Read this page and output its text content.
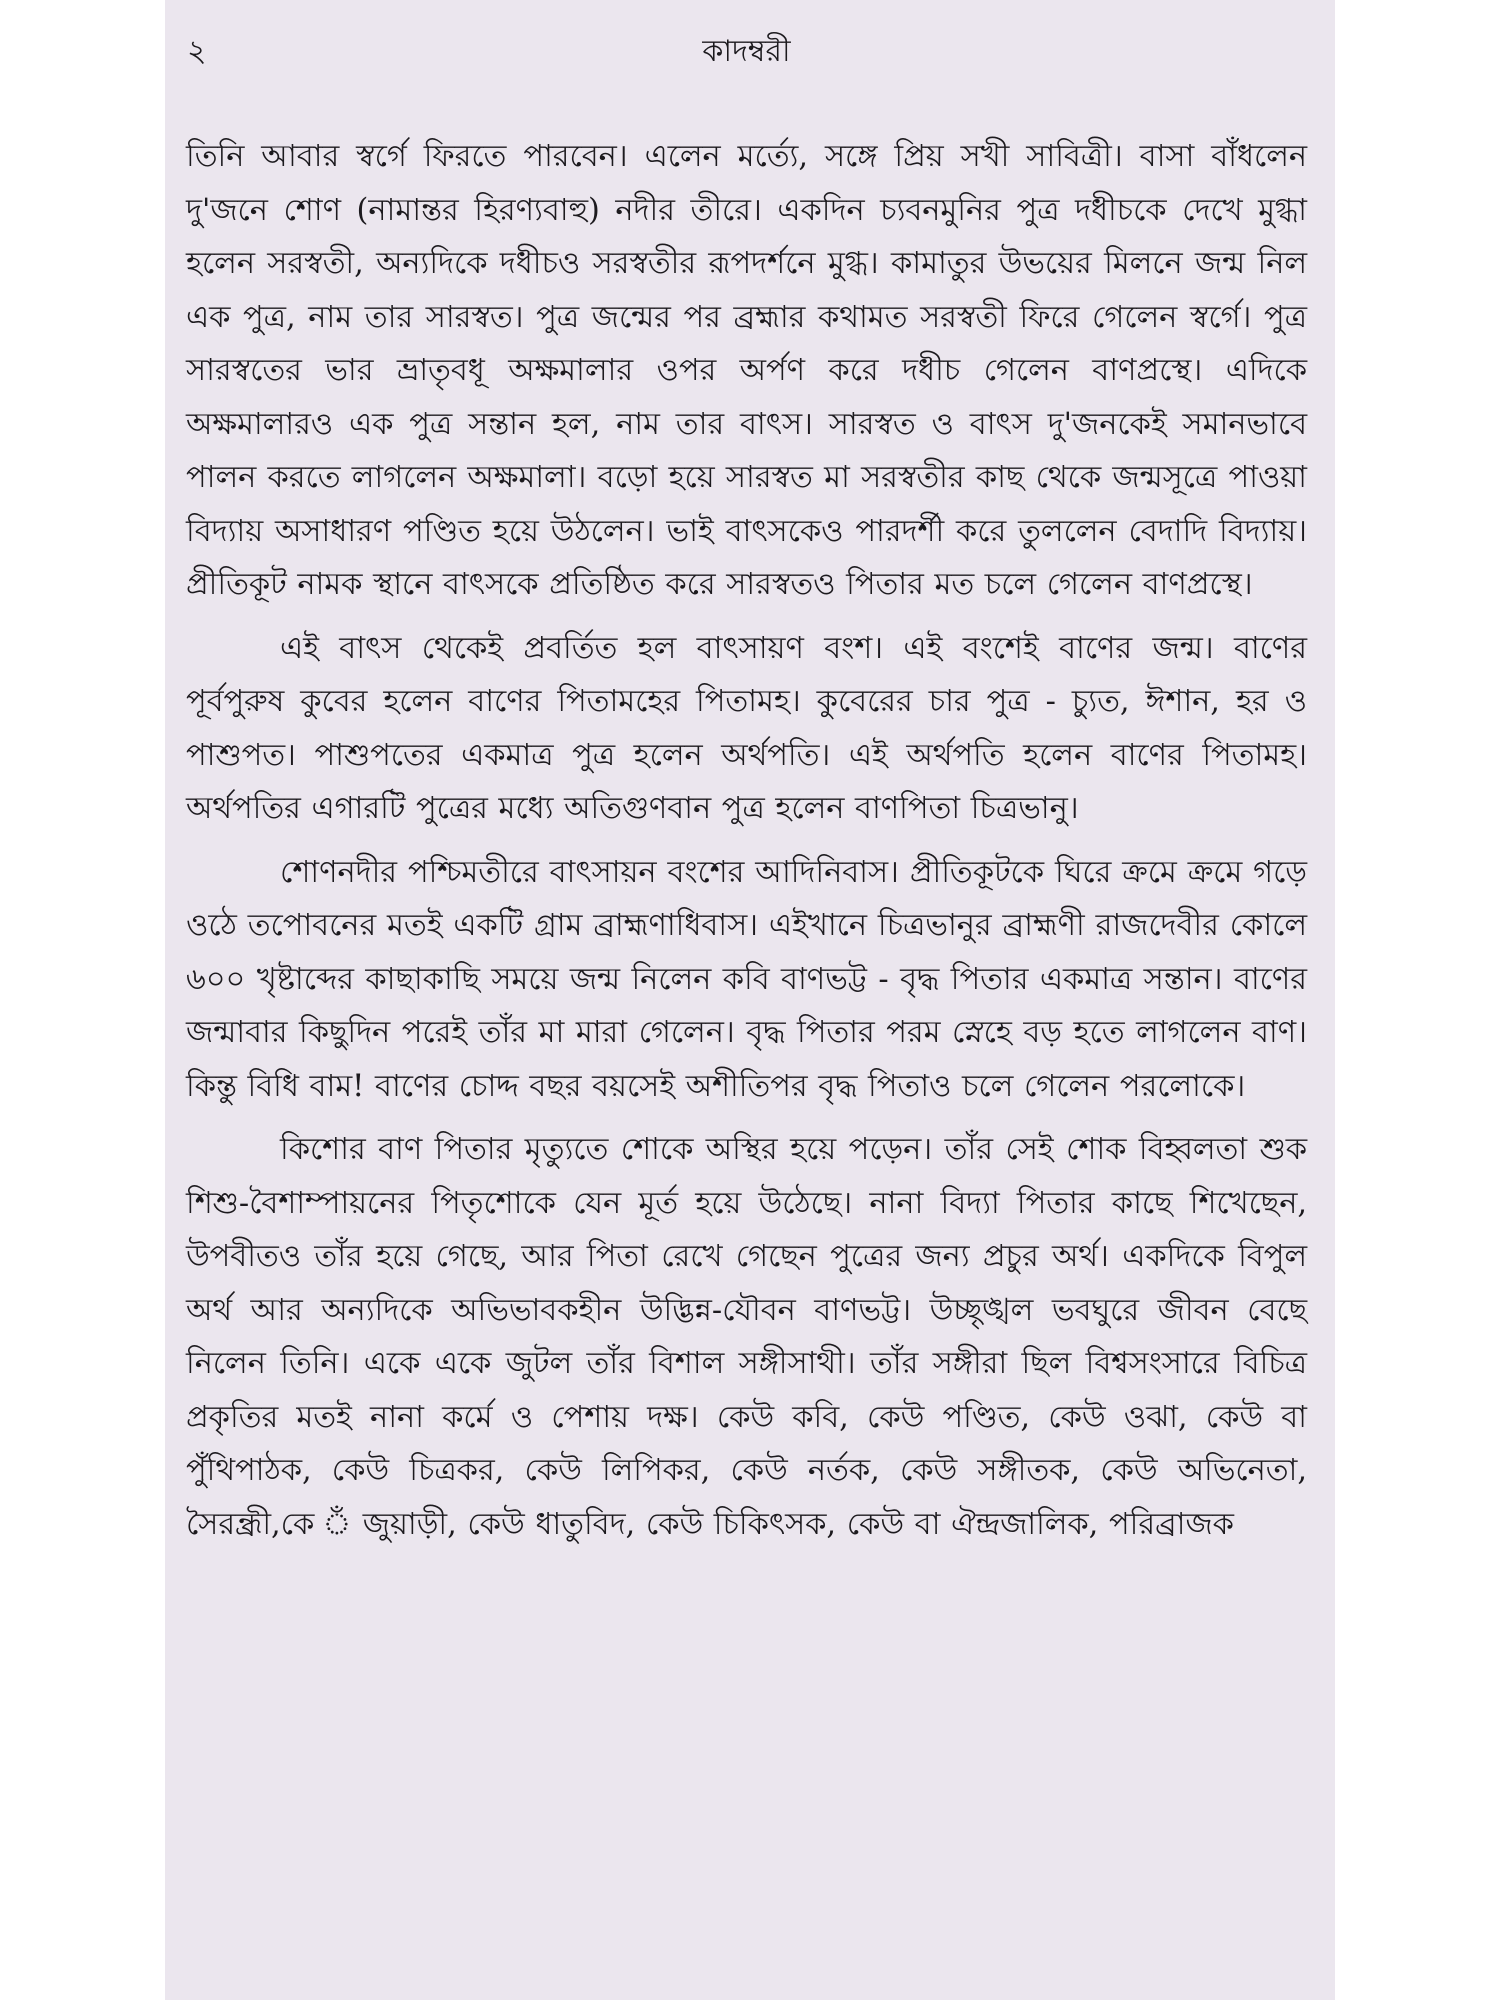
২	কাদম্বরী

তিনি আবার স্বর্গে ফিরতে পারবেন। এলেন মর্ত্যে, সঙ্গে প্রিয় সখী সাবিত্রী। বাসা বাঁধলেন দু'জনে শোণ (নামান্তর হিরণ্যবাহু) নদীর তীরে। একদিন চ্যবনমুনির পুত্র দধীচকে দেখে মুগ্ধা হলেন সরস্বতী, অন্যদিকে দধীচও সরস্বতীর রূপদর্শনে মুগ্ধ। কামাতুর উভয়ের মিলনে জন্ম নিল এক পুত্র, নাম তার সারস্বত। পুত্র জন্মের পর ব্রহ্মার কথামত সরস্বতী ফিরে গেলেন স্বর্গে। পুত্র সারস্বতের ভার ভ্রাতৃবধূ অক্ষমালার ওপর অর্পণ করে দধীচ গেলেন বাণপ্রস্থে। এদিকে অক্ষমালারও এক পুত্র সন্তান হল, নাম তার বাৎস। সারস্বত ও বাৎস দু'জনকেই সমানভাবে পালন করতে লাগলেন অক্ষমালা। বড়ো হয়ে সারস্বত মা সরস্বতীর কাছ থেকে জন্মসূত্রে পাওয়া বিদ্যায় অসাধারণ পণ্ডিত হয়ে উঠলেন। ভাই বাৎসকেও পারদর্শী করে তুললেন বেদাদি বিদ্যায়। প্রীতিকূট নামক স্থানে বাৎসকে প্রতিষ্ঠিত করে সারস্বতও পিতার মত চলে গেলেন বাণপ্রস্থে।

এই বাৎস থেকেই প্রবর্তিত হল বাৎসায়ণ বংশ। এই বংশেই বাণের জন্ম। বাণের পূর্বপুরুষ কুবের হলেন বাণের পিতামহের পিতামহ। কুবেরের চার পুত্র - চ্যুত, ঈশান, হর ও পাশুপত। পাশুপতের একমাত্র পুত্র হলেন অর্থপতি। এই অর্থপতি হলেন বাণের পিতামহ। অর্থপতির এগারটি পুত্রের মধ্যে অতিগুণবান পুত্র হলেন বাণপিতা চিত্রভানু।

শোণনদীর পশ্চিমতীরে বাৎসায়ন বংশের আদিনিবাস। প্রীতিকূটকে ঘিরে ক্রমে ক্রমে গড়ে ওঠে তপোবনের মতই একটি গ্রাম ব্রাহ্মণাধিবাস। এইখানে চিত্রভানুর ব্রাহ্মণী রাজদেবীর কোলে ৬০০ খৃষ্টাব্দের কাছাকাছি সময়ে জন্ম নিলেন কবি বাণভট্ট - বৃদ্ধ পিতার একমাত্র সন্তান। বাণের জন্মাবার কিছুদিন পরেই তাঁর মা মারা গেলেন। বৃদ্ধ পিতার পরম স্নেহে বড় হতে লাগলেন বাণ। কিন্তু বিধি বাম! বাণের চোদ্দ বছর বয়সেই অশীতিপর বৃদ্ধ পিতাও চলে গেলেন পরলোকে।

কিশোর বাণ পিতার মৃত্যুতে শোকে অস্থির হয়ে পড়েন। তাঁর সেই শোক বিহ্বলতা শুক শিশু-বৈশাম্পায়নের পিতৃশোকে যেন মূর্ত হয়ে উঠেছে। নানা বিদ্যা পিতার কাছে শিখেছেন, উপবীতও তাঁর হয়ে গেছে, আর পিতা রেখে গেছেন পুত্রের জন্য প্রচুর অর্থ। একদিকে বিপুল অর্থ আর অন্যদিকে অভিভাবকহীন উদ্ভিন্ন-যৌবন বাণভট্ট। উচ্ছৃঙ্খল ভবঘুরে জীবন বেছে নিলেন তিনি। একে একে জুটল তাঁর বিশাল সঙ্গীসাথী। তাঁর সঙ্গীরা ছিল বিশ্বসংসারে বিচিত্র প্রকৃতির মতই নানা কর্মে ও পেশায় দক্ষ। কেউ কবি, কেউ পণ্ডিত, কেউ ওঝা, কেউ বা পুঁথিপাঠক, কেউ চিত্রকর, কেউ লিপিকর, কেউ নর্তক, কেউ সঙ্গীতক, কেউ অভিনেতা, সৈরন্ধ্রী,কে ঁ জুয়াড়ী, কেউ ধাতুবিদ, কেউ চিকিৎসক, কেউ বা ঐন্দ্রজালিক, পরিব্রাজক
